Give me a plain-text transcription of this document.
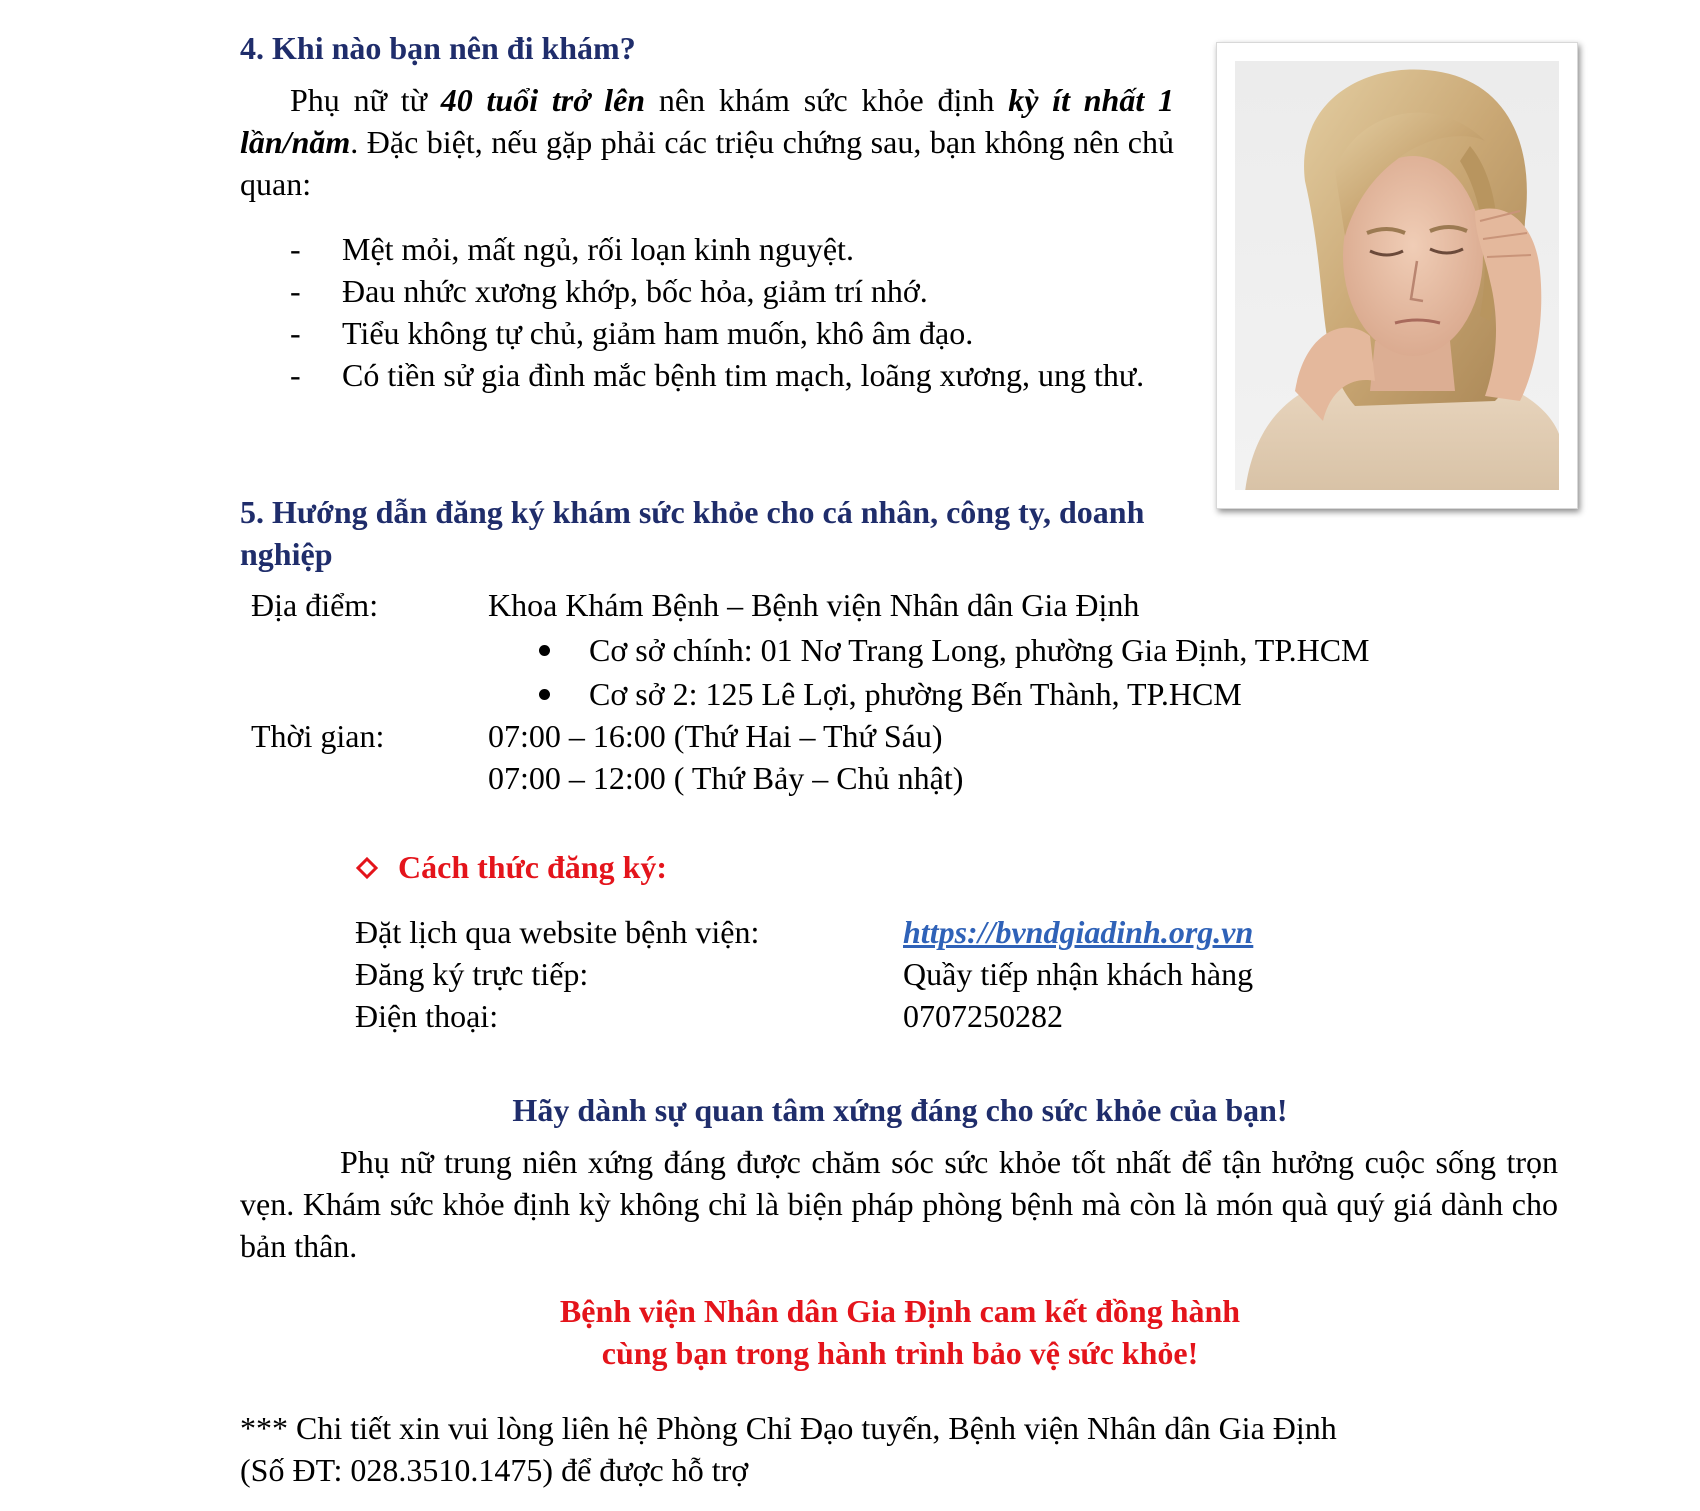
4. Khi nào bạn nên đi khám?

Phụ nữ từ 40 tuổi trở lên nên khám sức khỏe định kỳ ít nhất 1 lần/năm. Đặc biệt, nếu gặp phải các triệu chứng sau, bạn không nên chủ quan:

- Mệt mỏi, mất ngủ, rối loạn kinh nguyệt.
- Đau nhức xương khớp, bốc hỏa, giảm trí nhớ.
- Tiểu không tự chủ, giảm ham muốn, khô âm đạo.
- Có tiền sử gia đình mắc bệnh tim mạch, loãng xương, ung thư.
5. Hướng dẫn đăng ký khám sức khỏe cho cá nhân, công ty, doanh nghiệp
Địa điểm:	Khoa Khám Bệnh – Bệnh viện Nhân dân Gia Định
Cơ sở chính: 01 Nơ Trang Long, phường Gia Định, TP.HCM
Cơ sở 2: 125 Lê Lợi, phường Bến Thành, TP.HCM
Thời gian:	07:00 – 16:00 (Thứ Hai – Thứ Sáu)
07:00 – 12:00 ( Thứ Bảy – Chủ nhật)
Cách thức đăng ký:
Đặt lịch qua website bệnh viện:	https://bvndgiadinh.org.vn
Đăng ký trực tiếp:	Quầy tiếp nhận khách hàng
Điện thoại:	0707250282
Hãy dành sự quan tâm xứng đáng cho sức khỏe của bạn!

Phụ nữ trung niên xứng đáng được chăm sóc sức khỏe tốt nhất để tận hưởng cuộc sống trọn vẹn. Khám sức khỏe định kỳ không chỉ là biện pháp phòng bệnh mà còn là món quà quý giá dành cho bản thân.

Bệnh viện Nhân dân Gia Định cam kết đồng hành
cùng bạn trong hành trình bảo vệ sức khỏe!
*** Chi tiết xin vui lòng liên hệ Phòng Chỉ Đạo tuyến, Bệnh viện Nhân dân Gia Định
(Số ĐT: 028.3510.1475) để được hỗ trợ
